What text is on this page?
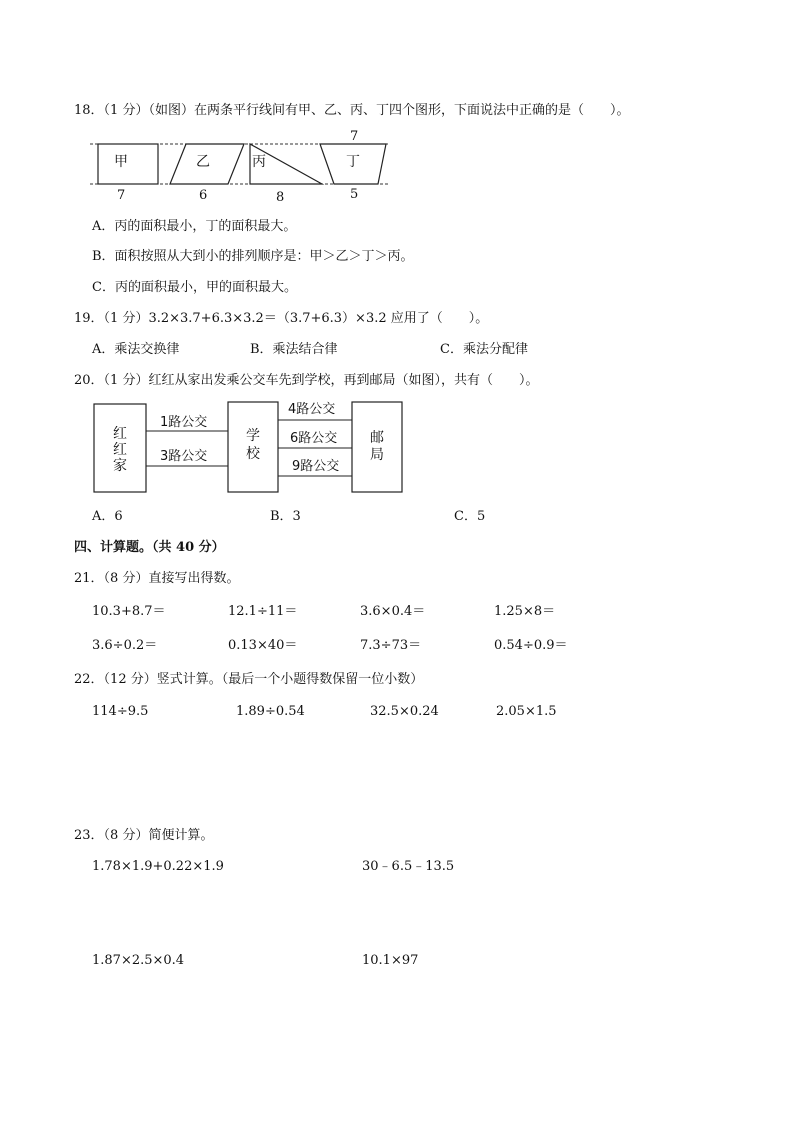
18．（1 分）（如图）在两条平行线间有甲、乙、丙、丁四个图形，下面说法中正确的是（　　）。
甲
7
乙
6
丙
8
丁
7
5
A．丙的面积最小，丁的面积最大。
B．面积按照从大到小的排列顺序是：甲＞乙＞丁＞丙。
C．丙的面积最小，甲的面积最大。
19．（1 分）3.2×3.7+6.3×3.2＝（3.7+6.3）×3.2 应用了（　　）。
A．乘法交换律	B．乘法结合律	C．乘法分配律
20．（1 分）红红从家出发乘公交车先到学校，再到邮局（如图），共有（　　）。
红
红
家
1路公交
3路公交
学
校
4路公交
6路公交
9路公交
邮
局
A．6	B．3	C．5
四、计算题。（共 40 分）
21．（8 分）直接写出得数。
10.3+8.7＝	12.1÷11＝	3.6×0.4＝	1.25×8＝
3.6÷0.2＝	0.13×40＝	7.3÷73＝	0.54÷0.9＝
22．（12 分）竖式计算。（最后一个小题得数保留一位小数）
114÷9.5	1.89÷0.54	32.5×0.24	2.05×1.5
23．（8 分）简便计算。
1.78×1.9+0.22×1.9	30﹣6.5﹣13.5
1.87×2.5×0.4	10.1×97
